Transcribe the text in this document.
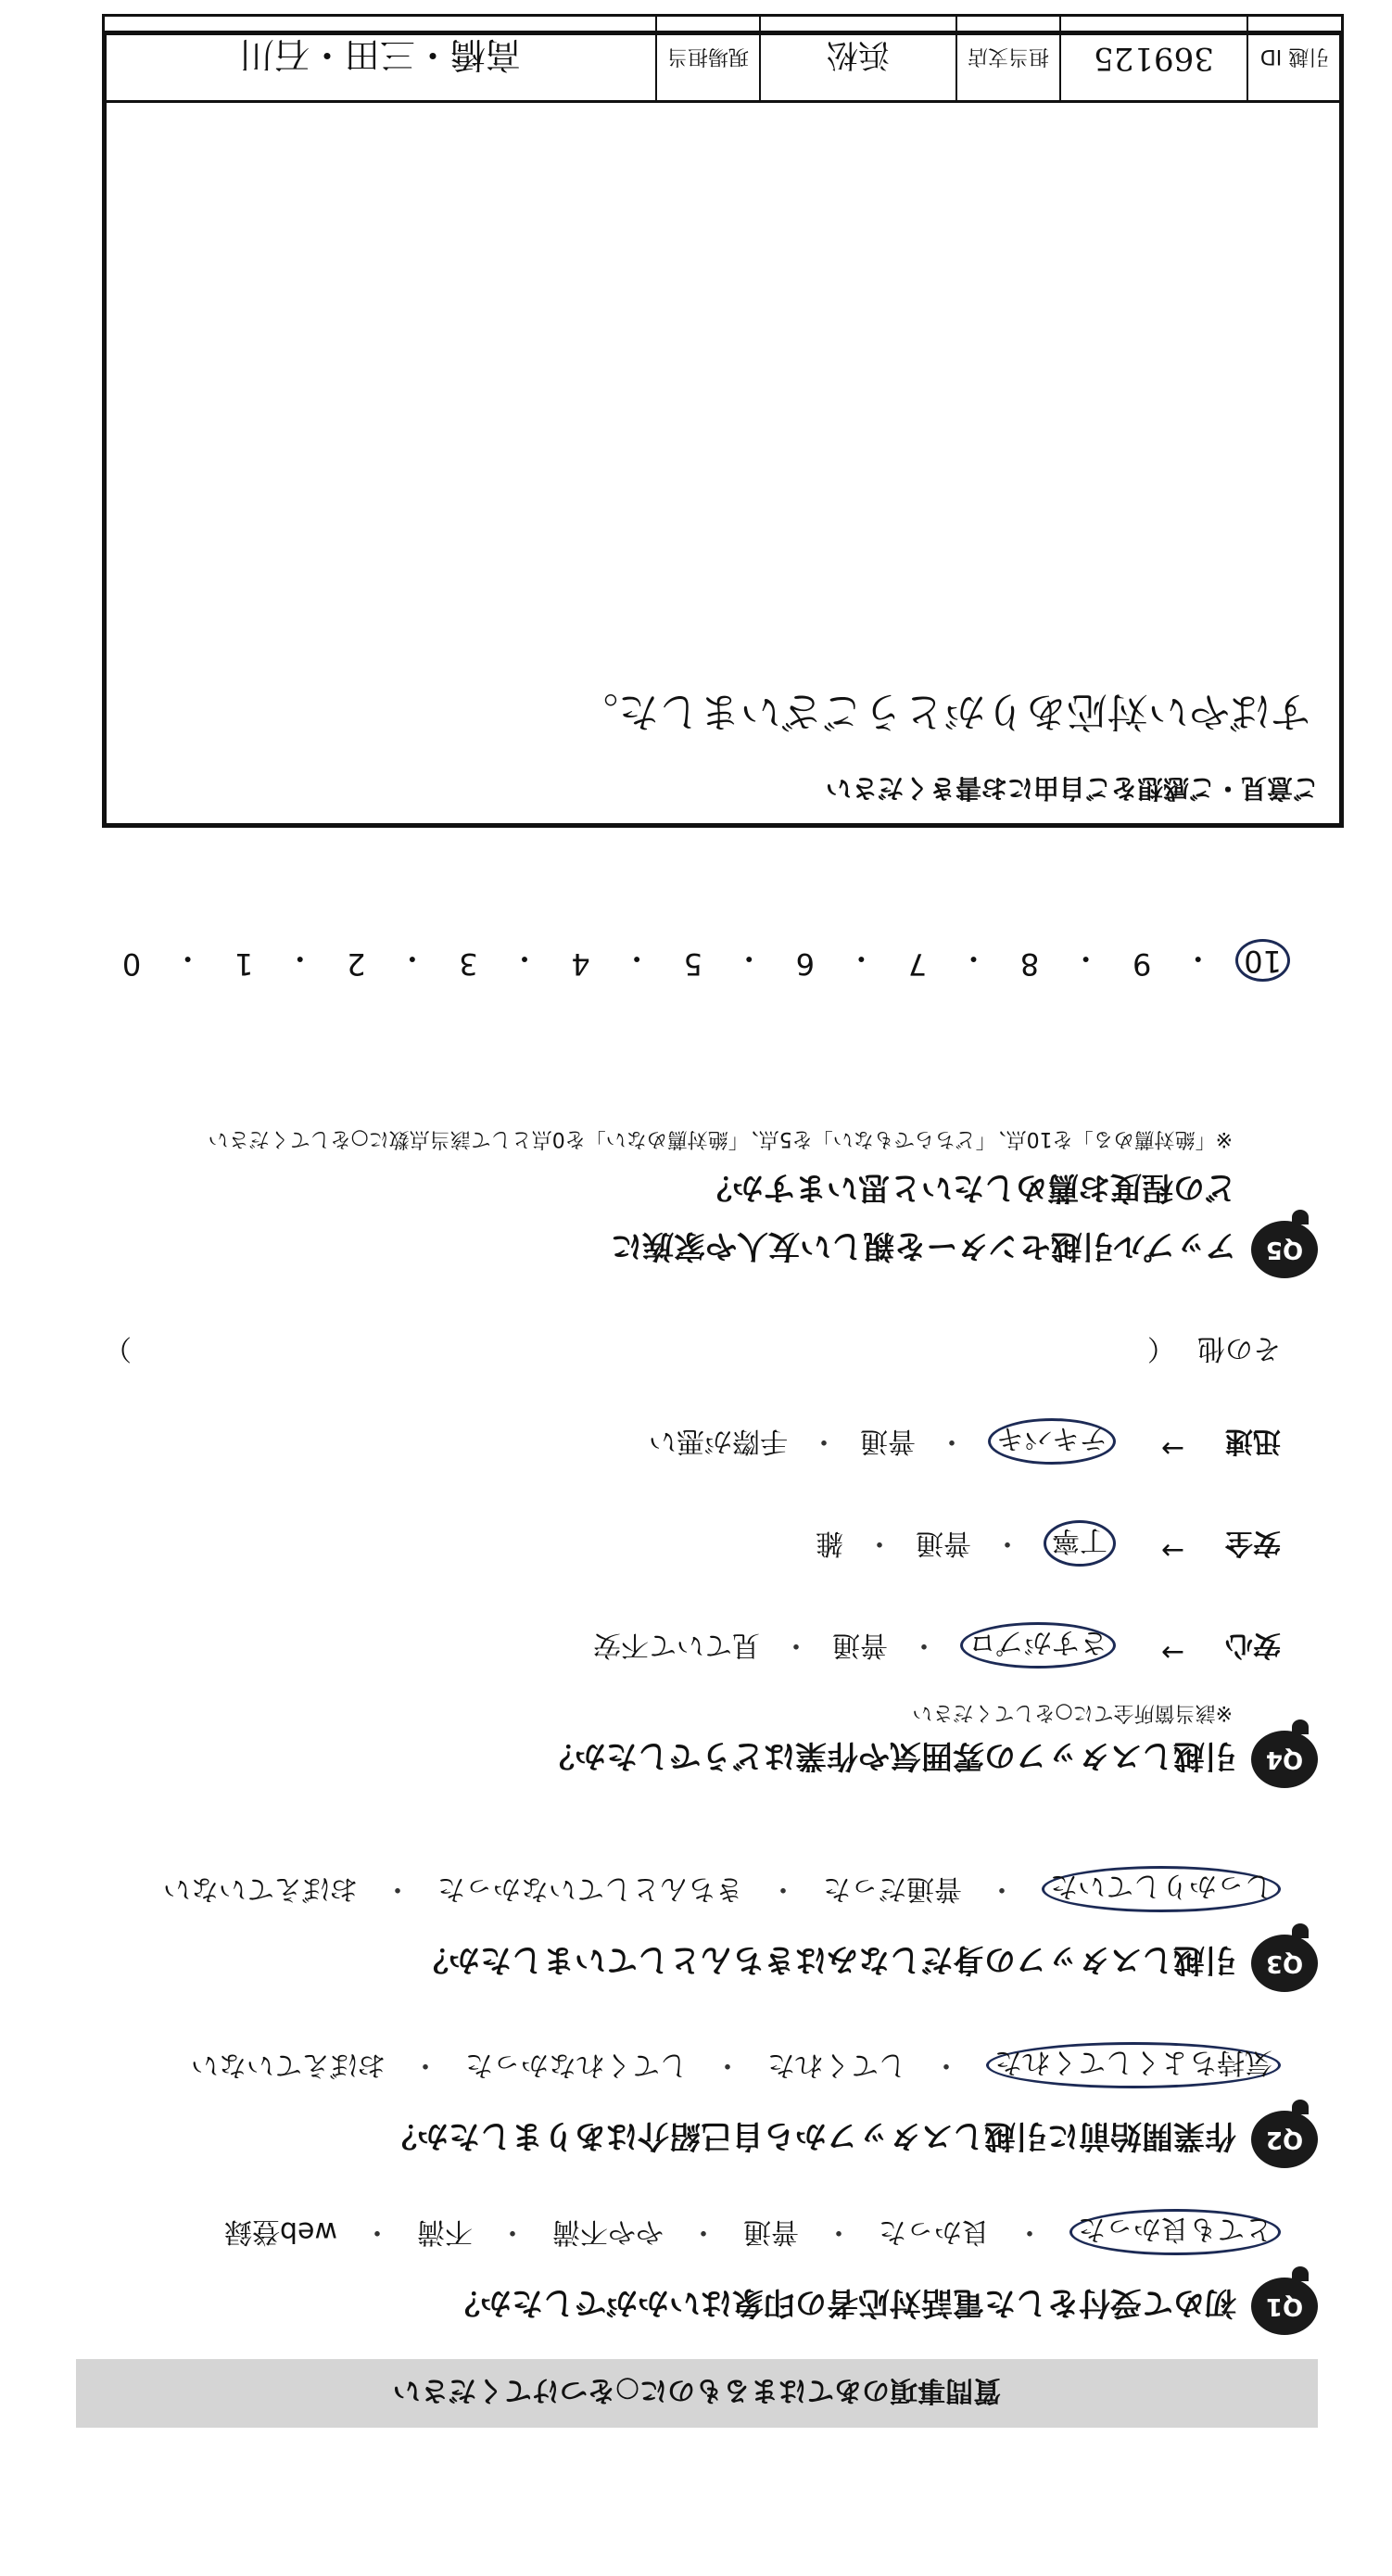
質問事項のあてはまるものに○をつけてください
Q1
初めて受付をした電話対応者の印象はいかがでしたか？
とても良かった
・
良かった
・
普通
・
やや不満
・
不満
・
web登録
Q2
作業開始前に引越しスタッフから自己紹介はありましたか？
気持ちよくしてくれた
・
してくれた
・
してくれなかった
・
おぼえていない
Q3
引越しスタッフの身だしなみはきちんとしていましたか？
しっかりしていた
・
普通だった
・
きちんとしていなかった
・
おぼえていない
Q4
引越しスタッフの雰囲気や作業はどうでしたか？
※該当箇所全てに○をしてください
安心
→
さすがプロ
・
普通
・
見ていて不安
安全
→
丁寧
・
普通
・
雑
迅速
→
テキパキ
・
普通
・
手際が悪い
その他
（
）
Q5
アップル引越センターを親しい友人や家族に
どの程度お薦めしたいと思いますか？
※「絶対薦める」を10点、「どちらでもない」を5点、「絶対薦めない」を0点として該当点数に○をしてください
10
・
9
・
8
・
7
・
6
・
5
・
4
・
3
・
2
・
1
・
0
ご意見・ご感想をご自由にお書きください
すばやい対応ありがとうございました。
引越 ID
369125
担当支店
浜松
現場担当
高橋・三田・石川
